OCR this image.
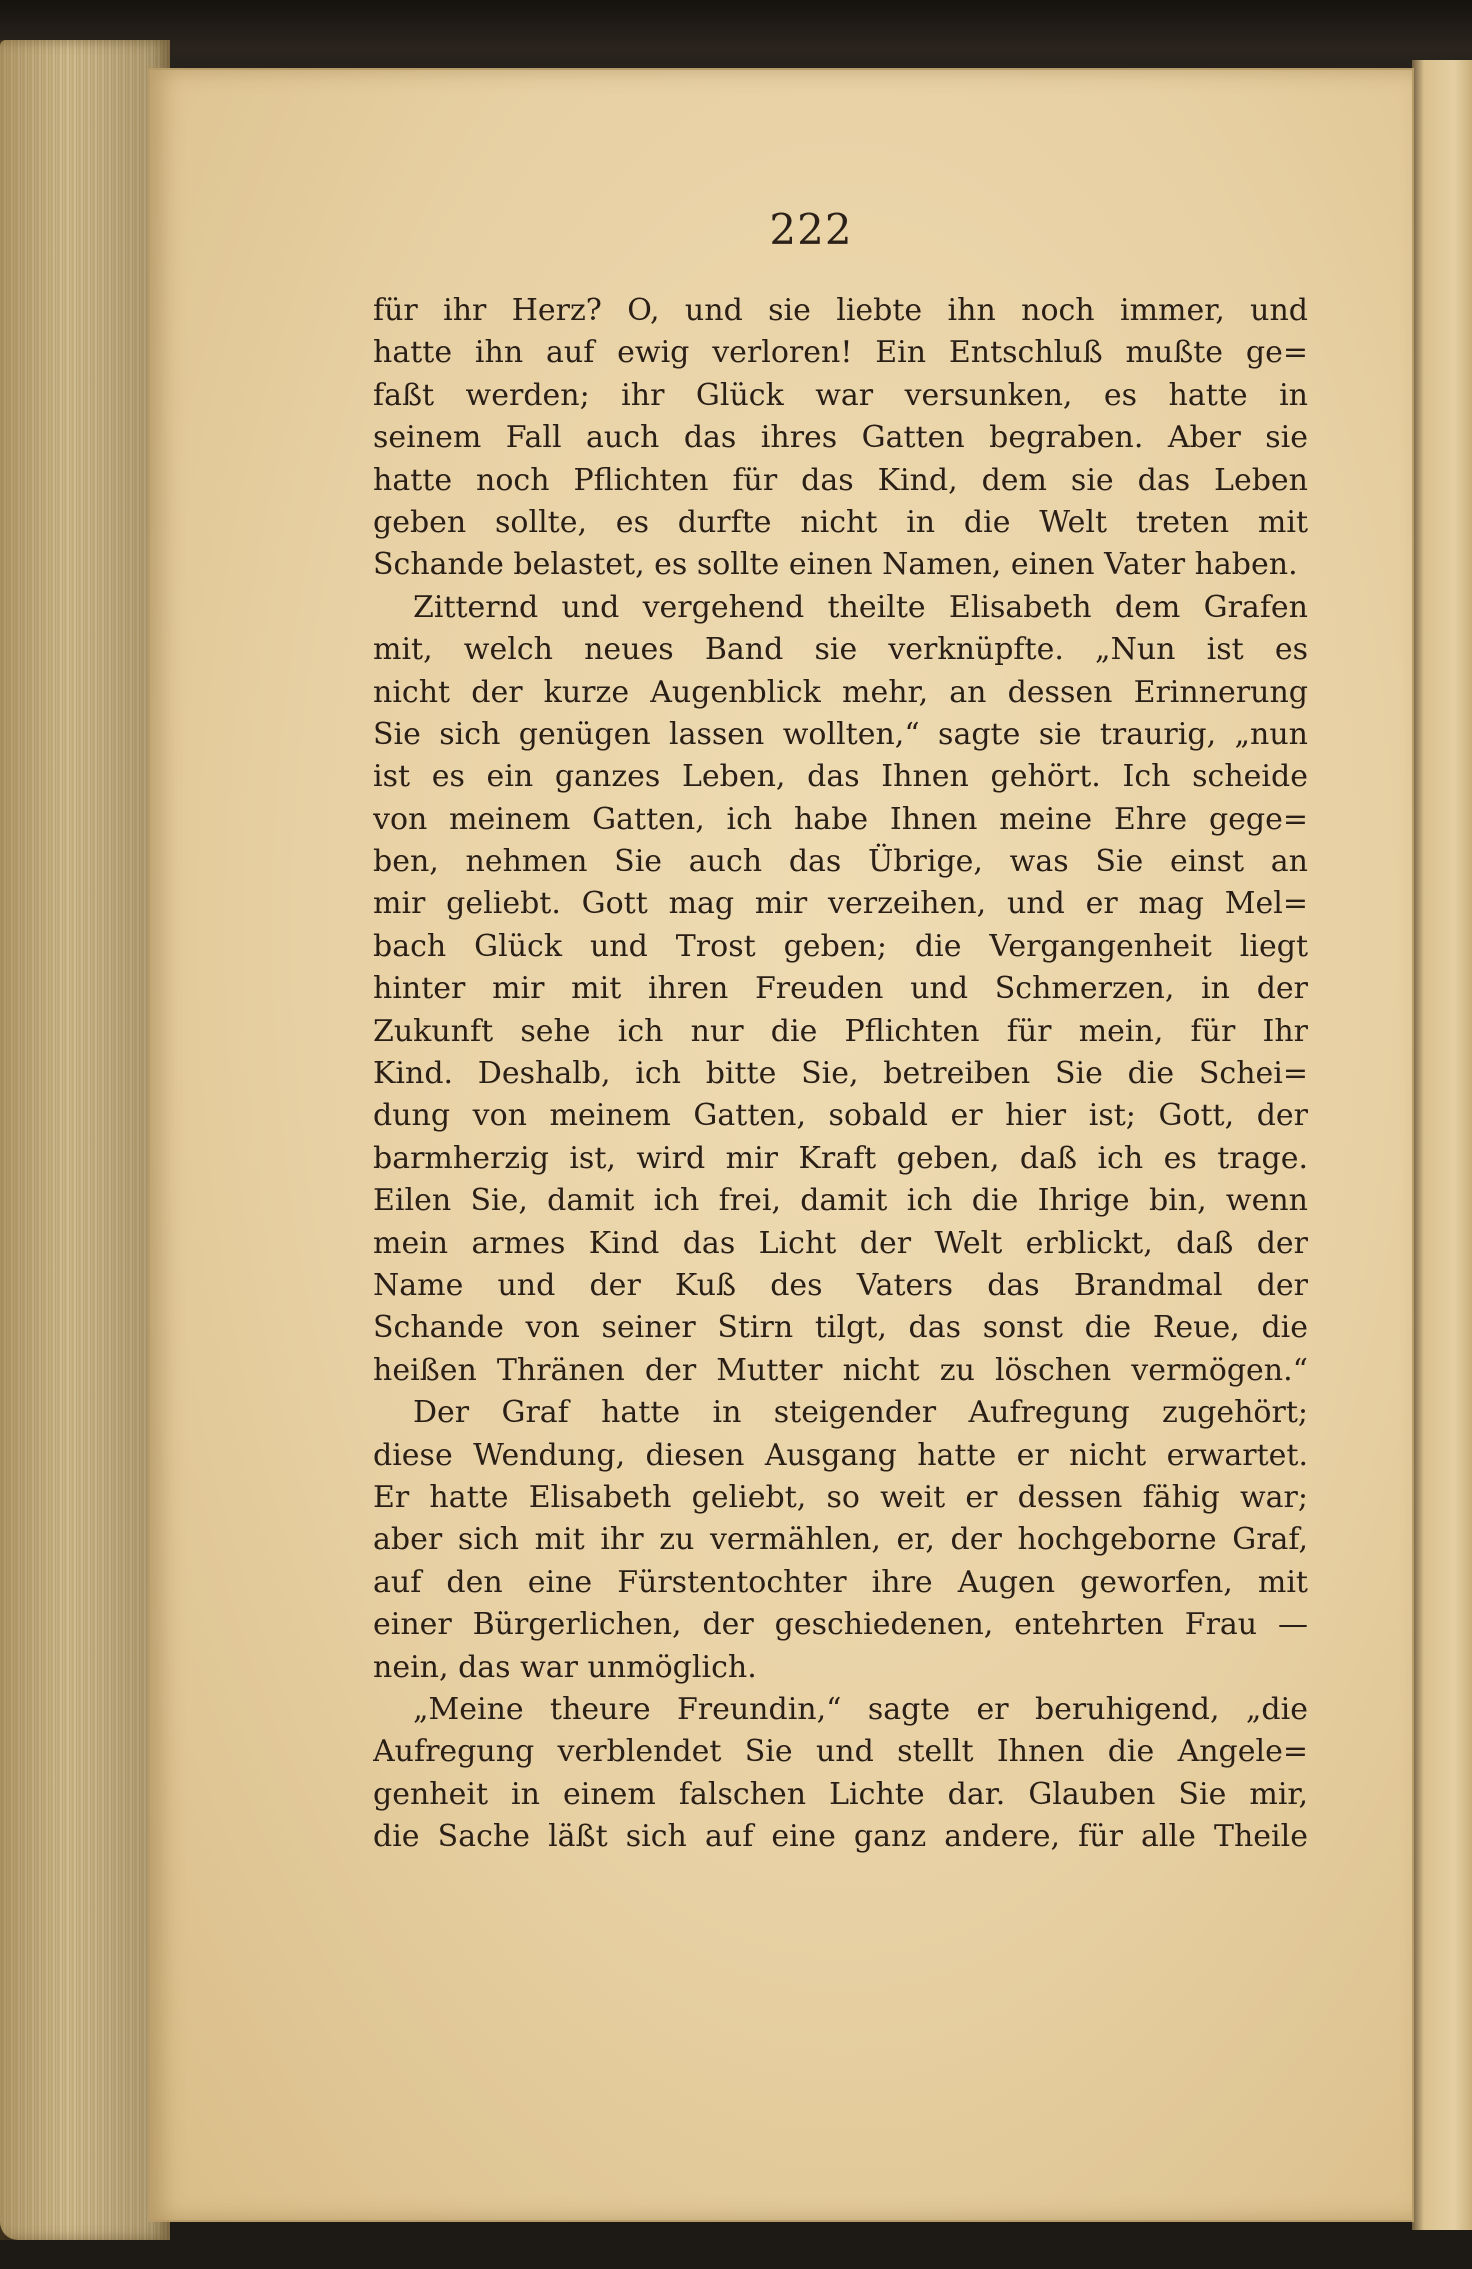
222
für ihr Herz? O, und sie liebte ihn noch immer, und
hatte ihn auf ewig verloren! Ein Entschluß mußte ge=
faßt werden; ihr Glück war versunken, es hatte in
seinem Fall auch das ihres Gatten begraben. Aber sie
hatte noch Pflichten für das Kind, dem sie das Leben
geben sollte, es durfte nicht in die Welt treten mit
Schande belastet, es sollte einen Namen, einen Vater haben.
Zitternd und vergehend theilte Elisabeth dem Grafen
mit, welch neues Band sie verknüpfte. „Nun ist es
nicht der kurze Augenblick mehr, an dessen Erinnerung
Sie sich genügen lassen wollten,“ sagte sie traurig, „nun
ist es ein ganzes Leben, das Ihnen gehört. Ich scheide
von meinem Gatten, ich habe Ihnen meine Ehre gege=
ben, nehmen Sie auch das Übrige, was Sie einst an
mir geliebt. Gott mag mir verzeihen, und er mag Mel=
bach Glück und Trost geben; die Vergangenheit liegt
hinter mir mit ihren Freuden und Schmerzen, in der
Zukunft sehe ich nur die Pflichten für mein, für Ihr
Kind. Deshalb, ich bitte Sie, betreiben Sie die Schei=
dung von meinem Gatten, sobald er hier ist; Gott, der
barmherzig ist, wird mir Kraft geben, daß ich es trage.
Eilen Sie, damit ich frei, damit ich die Ihrige bin, wenn
mein armes Kind das Licht der Welt erblickt, daß der
Name und der Kuß des Vaters das Brandmal der
Schande von seiner Stirn tilgt, das sonst die Reue, die
heißen Thränen der Mutter nicht zu löschen vermögen.“
Der Graf hatte in steigender Aufregung zugehört;
diese Wendung, diesen Ausgang hatte er nicht erwartet.
Er hatte Elisabeth geliebt, so weit er dessen fähig war;
aber sich mit ihr zu vermählen, er, der hochgeborne Graf,
auf den eine Fürstentochter ihre Augen geworfen, mit
einer Bürgerlichen, der geschiedenen, entehrten Frau —
nein, das war unmöglich.
„Meine theure Freundin,“ sagte er beruhigend, „die
Aufregung verblendet Sie und stellt Ihnen die Angele=
genheit in einem falschen Lichte dar. Glauben Sie mir,
die Sache läßt sich auf eine ganz andere, für alle Theile
